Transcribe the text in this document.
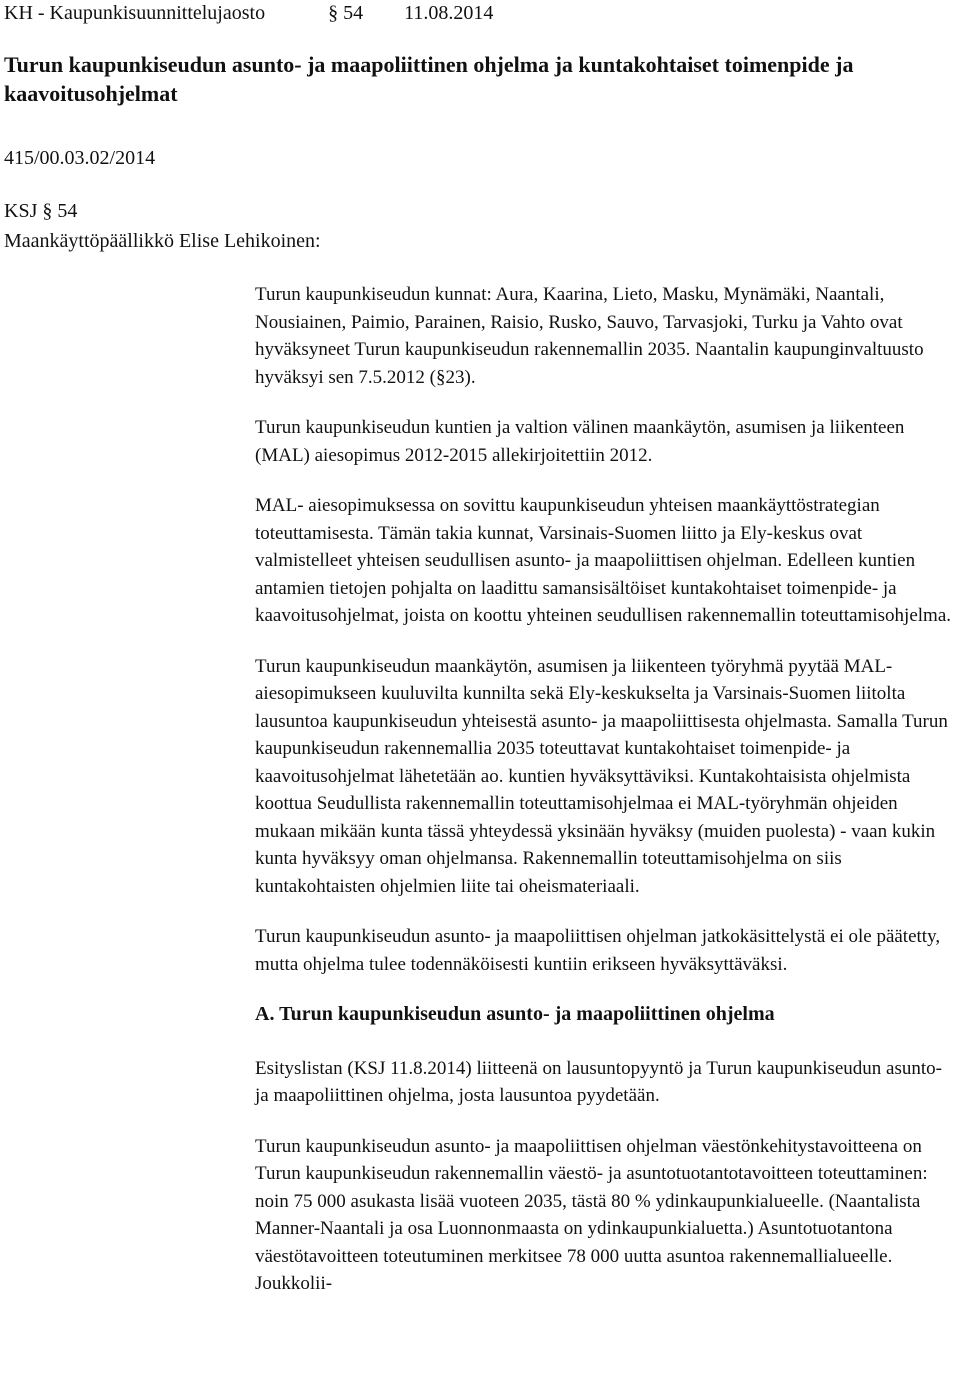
KH - Kaupunkisuunnittelujaosto	§ 54 11.08.2014
Turun kaupunkiseudun asunto- ja maapoliittinen ohjelma ja kuntakohtaiset toimenpide ja kaavoitusohjelmat
415/00.03.02/2014
KSJ § 54
Maankäyttöpäällikkö Elise Lehikoinen:

Turun kaupunkiseudun kunnat: Aura, Kaarina, Lieto, Masku, Mynämäki, Naantali, Nousiainen, Paimio, Parainen, Raisio, Rusko, Sauvo, Tarvasjoki, Turku ja Vahto ovat hyväksyneet Turun kaupunkiseudun rakennemallin 2035. Naantalin kaupunginvaltuusto hyväksyi sen 7.5.2012 (§23).

Turun kaupunkiseudun kuntien ja valtion välinen maankäytön, asumisen ja liikenteen (MAL) aiesopimus 2012-2015 allekirjoitettiin 2012.

MAL- aiesopimuksessa on sovittu kaupunkiseudun yhteisen maankäyttöstrategian toteuttamisesta. Tämän takia kunnat, Varsinais-Suomen liitto ja Ely-keskus ovat valmistelleet yhteisen seudullisen asunto- ja maapoliittisen ohjelman. Edelleen kuntien antamien tietojen pohjalta on laadittu samansisältöiset kuntakohtaiset toimenpide- ja kaavoitusohjelmat, joista on koottu yhteinen seudullisen rakennemallin toteuttamisohjelma.

Turun kaupunkiseudun maankäytön, asumisen ja liikenteen työryhmä pyytää MAL-aiesopimukseen kuuluvilta kunnilta sekä Ely-keskukselta ja Varsinais-Suomen liitolta lausuntoa kaupunkiseudun yhteisestä asunto- ja maapoliittisesta ohjelmasta. Samalla Turun kaupunkiseudun rakennemallia 2035 toteuttavat kuntakohtaiset toimenpide- ja kaavoitusohjelmat lähetetään ao. kuntien hyväksyttäviksi. Kuntakohtaisista ohjelmista koottua Seudullista rakennemallin toteuttamisohjelmaa ei MAL-työryhmän ohjeiden mukaan mikään kunta tässä yhteydessä yksinään hyväksy (muiden puolesta) - vaan kukin kunta hyväksyy oman ohjelmansa. Rakennemallin toteuttamisohjelma on siis kuntakohtaisten ohjelmien liite tai oheismateriaali.

Turun kaupunkiseudun asunto- ja maapoliittisen ohjelman jatkokäsittelystä ei ole päätetty, mutta ohjelma tulee todennäköisesti kuntiin erikseen hyväksyttäväksi.

A. Turun kaupunkiseudun asunto- ja maapoliittinen ohjelma

Esityslistan (KSJ 11.8.2014) liitteenä on lausuntopyyntö ja Turun kaupunkiseudun asunto- ja maapoliittinen ohjelma, josta lausuntoa pyydetään.

Turun kaupunkiseudun asunto- ja maapoliittisen ohjelman väestönkehitystavoitteena on Turun kaupunkiseudun rakennemallin väestö- ja asuntotuotantotavoitteen toteuttaminen: noin 75 000 asukasta lisää vuoteen 2035, tästä 80 % ydinkaupunkialueelle. (Naantalista Manner-Naantali ja osa Luonnonmaasta on ydinkaupunkialuetta.) Asuntotuotantona väestötavoitteen toteutuminen merkitsee 78 000 uutta asuntoa rakennemallialueelle. Joukkolii-
